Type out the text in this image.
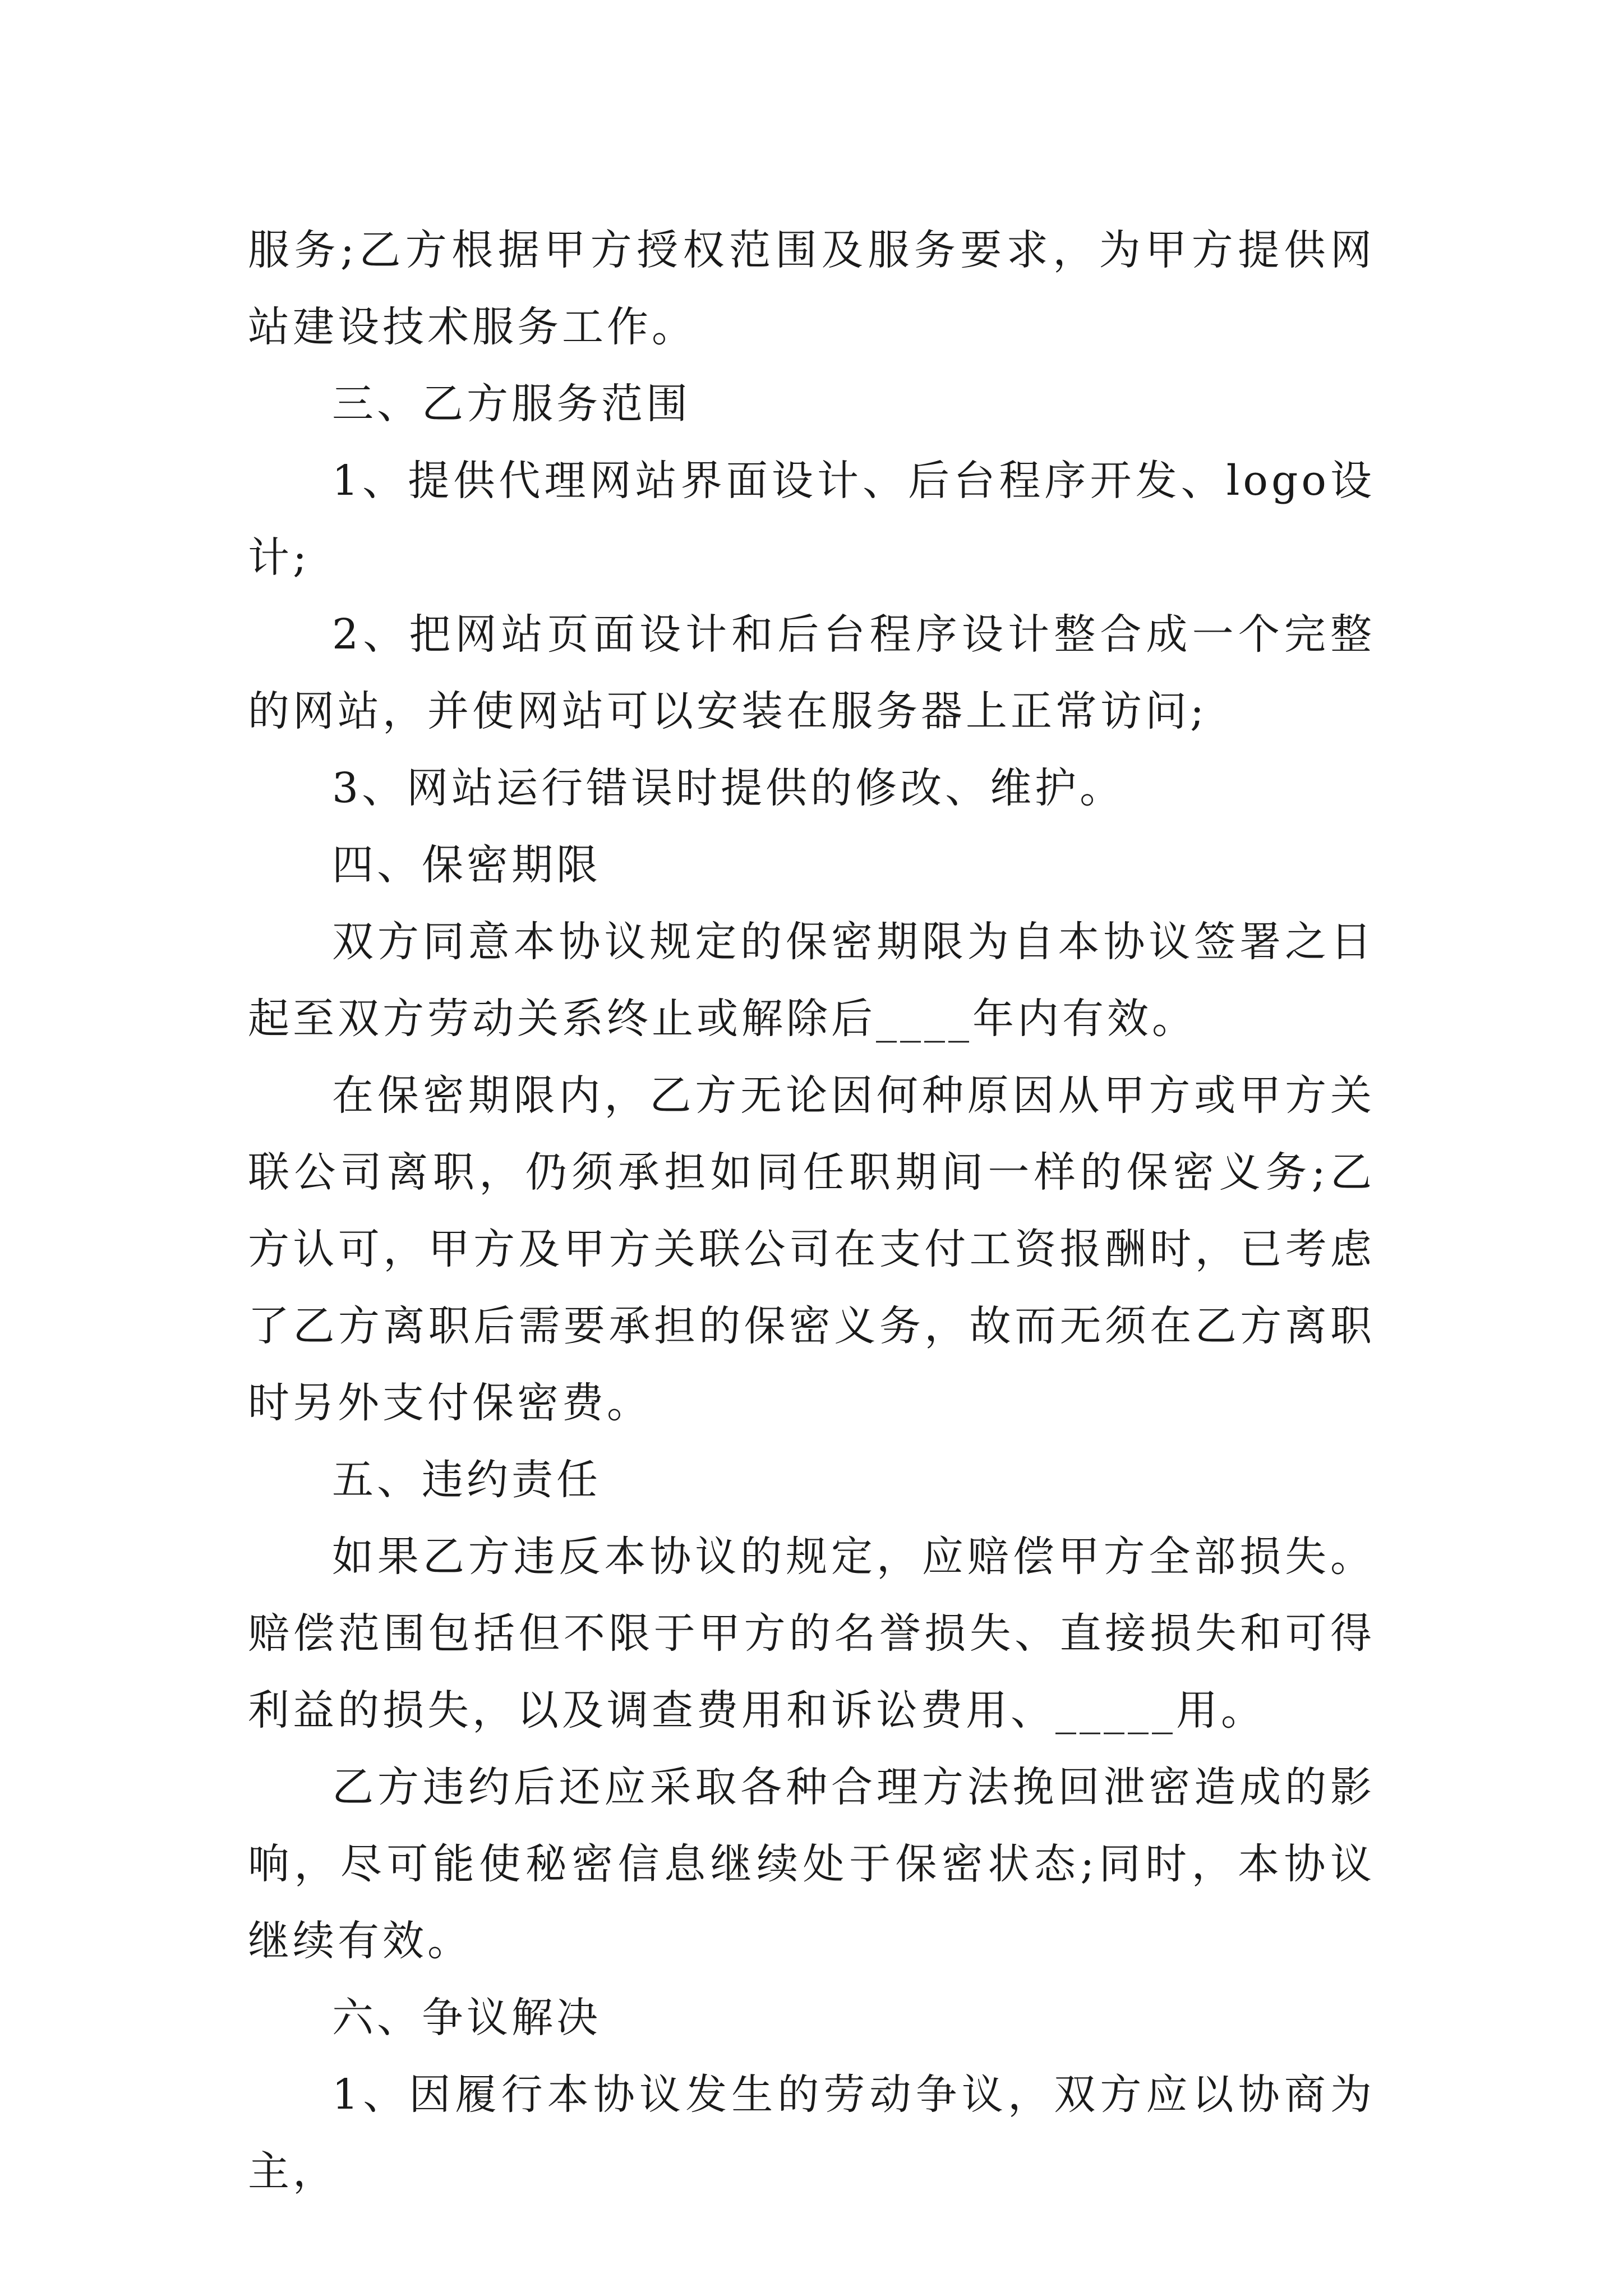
服务;乙方根据甲方授权范围及服务要求，为甲方提供网站建设技术服务工作。

三、乙方服务范围

1、提供代理网站界面设计、后台程序开发、logo设计;

2、把网站页面设计和后台程序设计整合成一个完整的网站，并使网站可以安装在服务器上正常访问;

3、网站运行错误时提供的修改、维护。

四、保密期限

双方同意本协议规定的保密期限为自本协议签署之日起至双方劳动关系终止或解除后____年内有效。

在保密期限内，乙方无论因何种原因从甲方或甲方关联公司离职，仍须承担如同任职期间一样的保密义务;乙方认可，甲方及甲方关联公司在支付工资报酬时，已考虑了乙方离职后需要承担的保密义务，故而无须在乙方离职时另外支付保密费。

五、违约责任

如果乙方违反本协议的规定，应赔偿甲方全部损失。赔偿范围包括但不限于甲方的名誉损失、直接损失和可得利益的损失，以及调查费用和诉讼费用、_____用。

乙方违约后还应采取各种合理方法挽回泄密造成的影响，尽可能使秘密信息继续处于保密状态;同时，本协议继续有效。

六、争议解决

1、因履行本协议发生的劳动争议，双方应以协商为主，
